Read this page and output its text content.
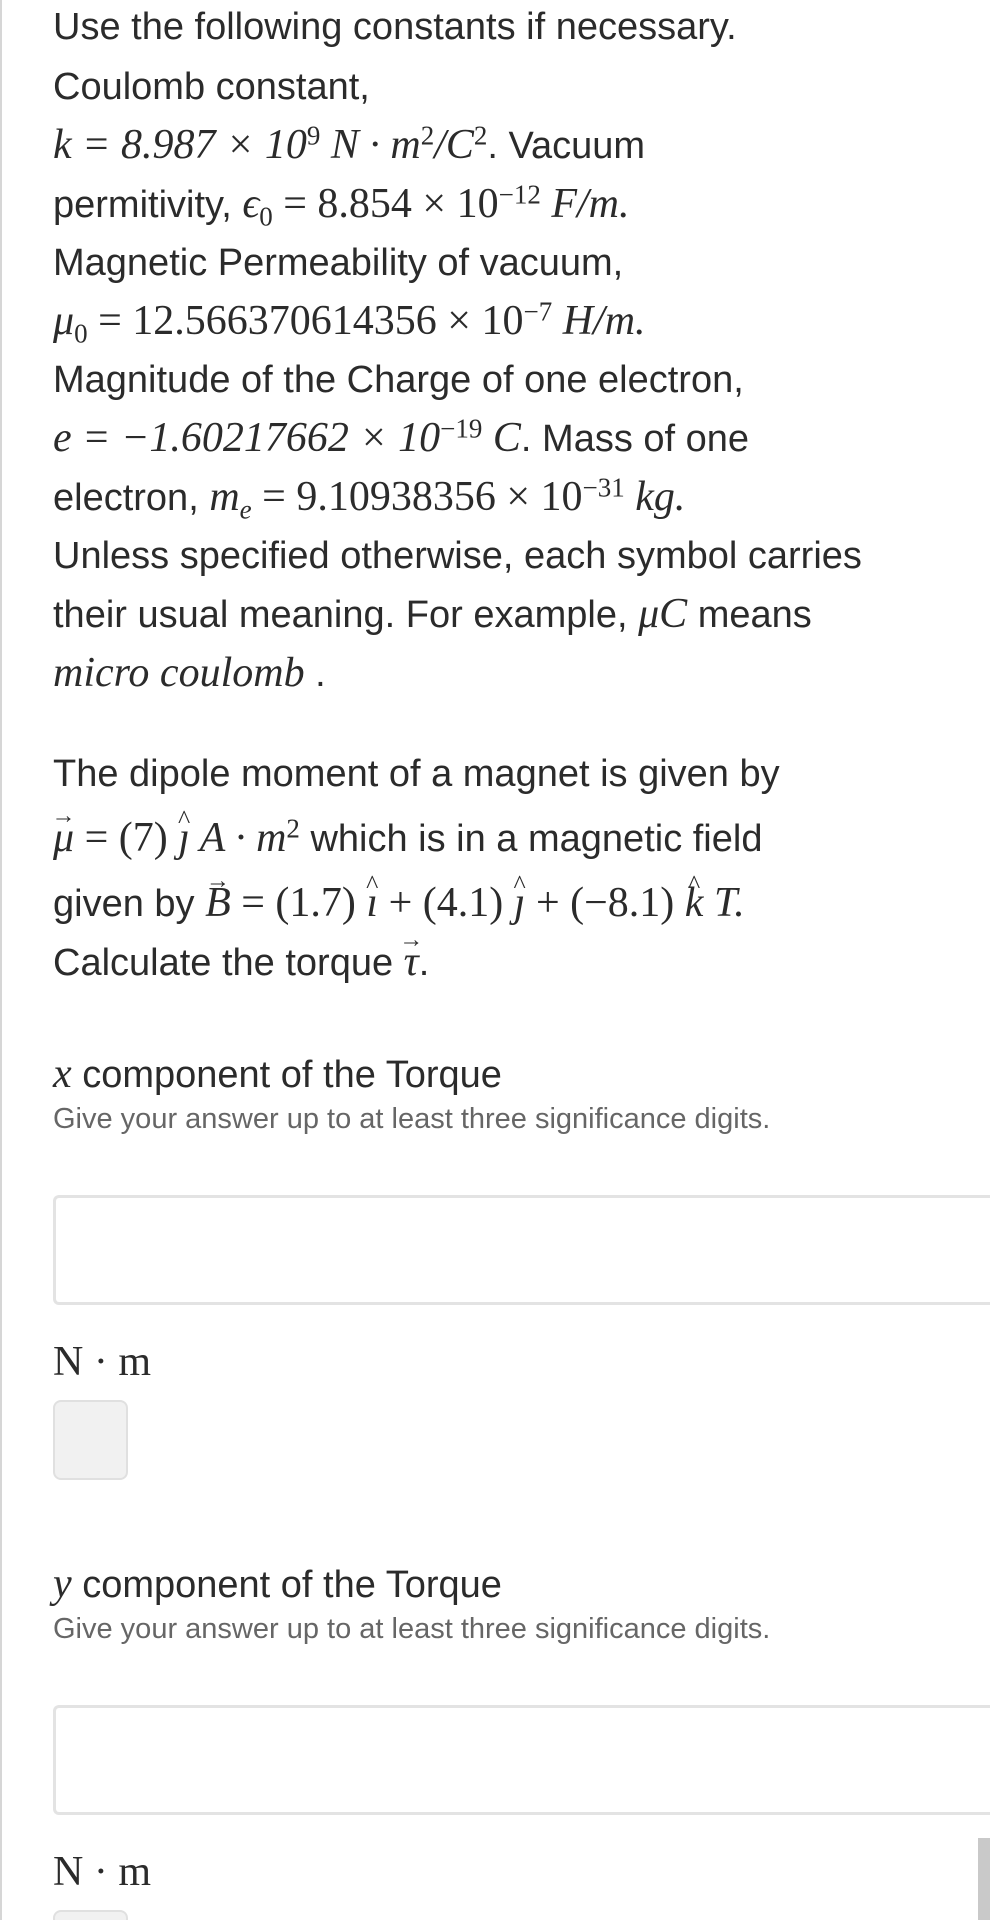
Use the following constants if necessary.

Coulomb constant,

$k = 8.987 \times 10^9$ $N \cdot m^2/C^2$. Vacuum

permitivity, $\epsilon_0 = 8.854 \times 10^{-12}$ F/m.

Magnetic Permeability of vacuum,

$\mu_0 = 12.566370614356 \times 10^{-7}$ H/m.

Magnitude of the Charge of one electron,

$e = -1.60217662 \times 10^{-19}$ C. Mass of one

electron, $m_e = 9.10938356 \times 10^{-31}$ kg.

Unless specified otherwise, each symbol carries

their usual meaning. For example, μC means

micro coulomb .

The dipole moment of a magnet is given by

→ μ = (7) ^ ȷ $A \cdot m^2$ which is in a magnetic field

given by → B = (1.7) ^ ı + (4.1) ^ ȷ + (−8.1) ^ k T.

Calculate the torque → τ.

x component of the Torque

Give your answer up to at least three significance digits.

N · m

y component of the Torque

Give your answer up to at least three significance digits.

N · m
